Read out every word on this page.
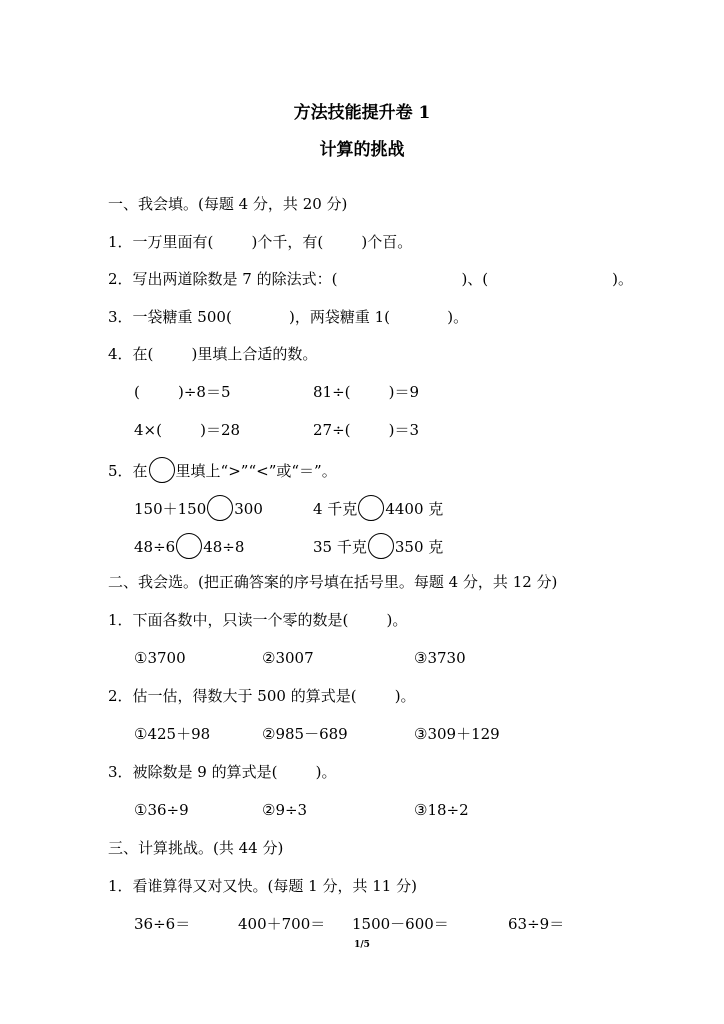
方法技能提升卷 1
计算的挑战
一、我会填。(每题 4 分，共 20 分)
1．一万里面有(        )个千，有(        )个百。
2．写出两道除数是 7 的除法式：(                          )、(                          )。
3．一袋糖重 500(            )，两袋糖重 1(            )。
4．在(        )里填上合适的数。
(        )÷8＝5	81÷(        )＝9
4×(        )＝28	27÷(        )＝3
5．在 里填上“>”“<”或“＝”。
150＋150 300	4 千克 4400 克
48÷6 48÷8	35 千克 350 克
二、我会选。(把正确答案的序号填在括号里。每题 4 分，共 12 分)
1．下面各数中，只读一个零的数是(        )。
①3700	②3007	③3730
2．估一估，得数大于 500 的算式是(        )。
①425＋98	②985－689	③309＋129
3．被除数是 9 的算式是(        )。
①36÷9	②9÷3	③18÷2
三、计算挑战。(共 44 分)
1．看谁算得又对又快。(每题 1 分，共 11 分)
36÷6＝	400＋700＝ 1500－600＝	63÷9＝
1/5
